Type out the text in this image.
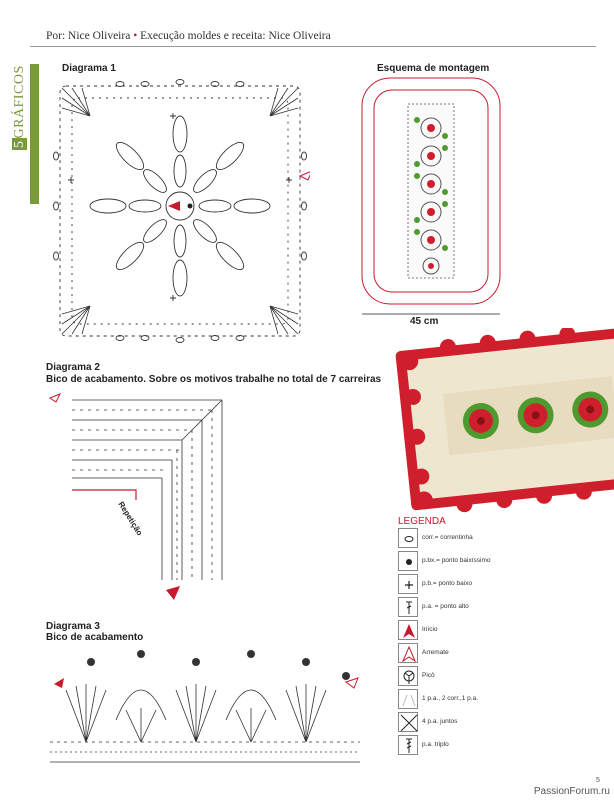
Por: Nice Oliveira • Execução moldes e receita: Nice Oliveira
5GRÁFICOS	Diagrama 1	Esquema de montagem
Diagrama 2
Bico de acabamento. Sobre os motivos trabalhe no total de 7 carreiras
Diagrama 3
Bico de acabamento
45 cm
Repetição	LEGENDA
corr.= correntinha
p.bx.= ponto baixíssimo
p.b.= ponto baixo
p.a. = ponto alto
Início
Arremate
Picô
1 p.a., 2 corr.,1 p.a.
4 p.a. juntos
p.a. triplo
5
PassionForum.ru
